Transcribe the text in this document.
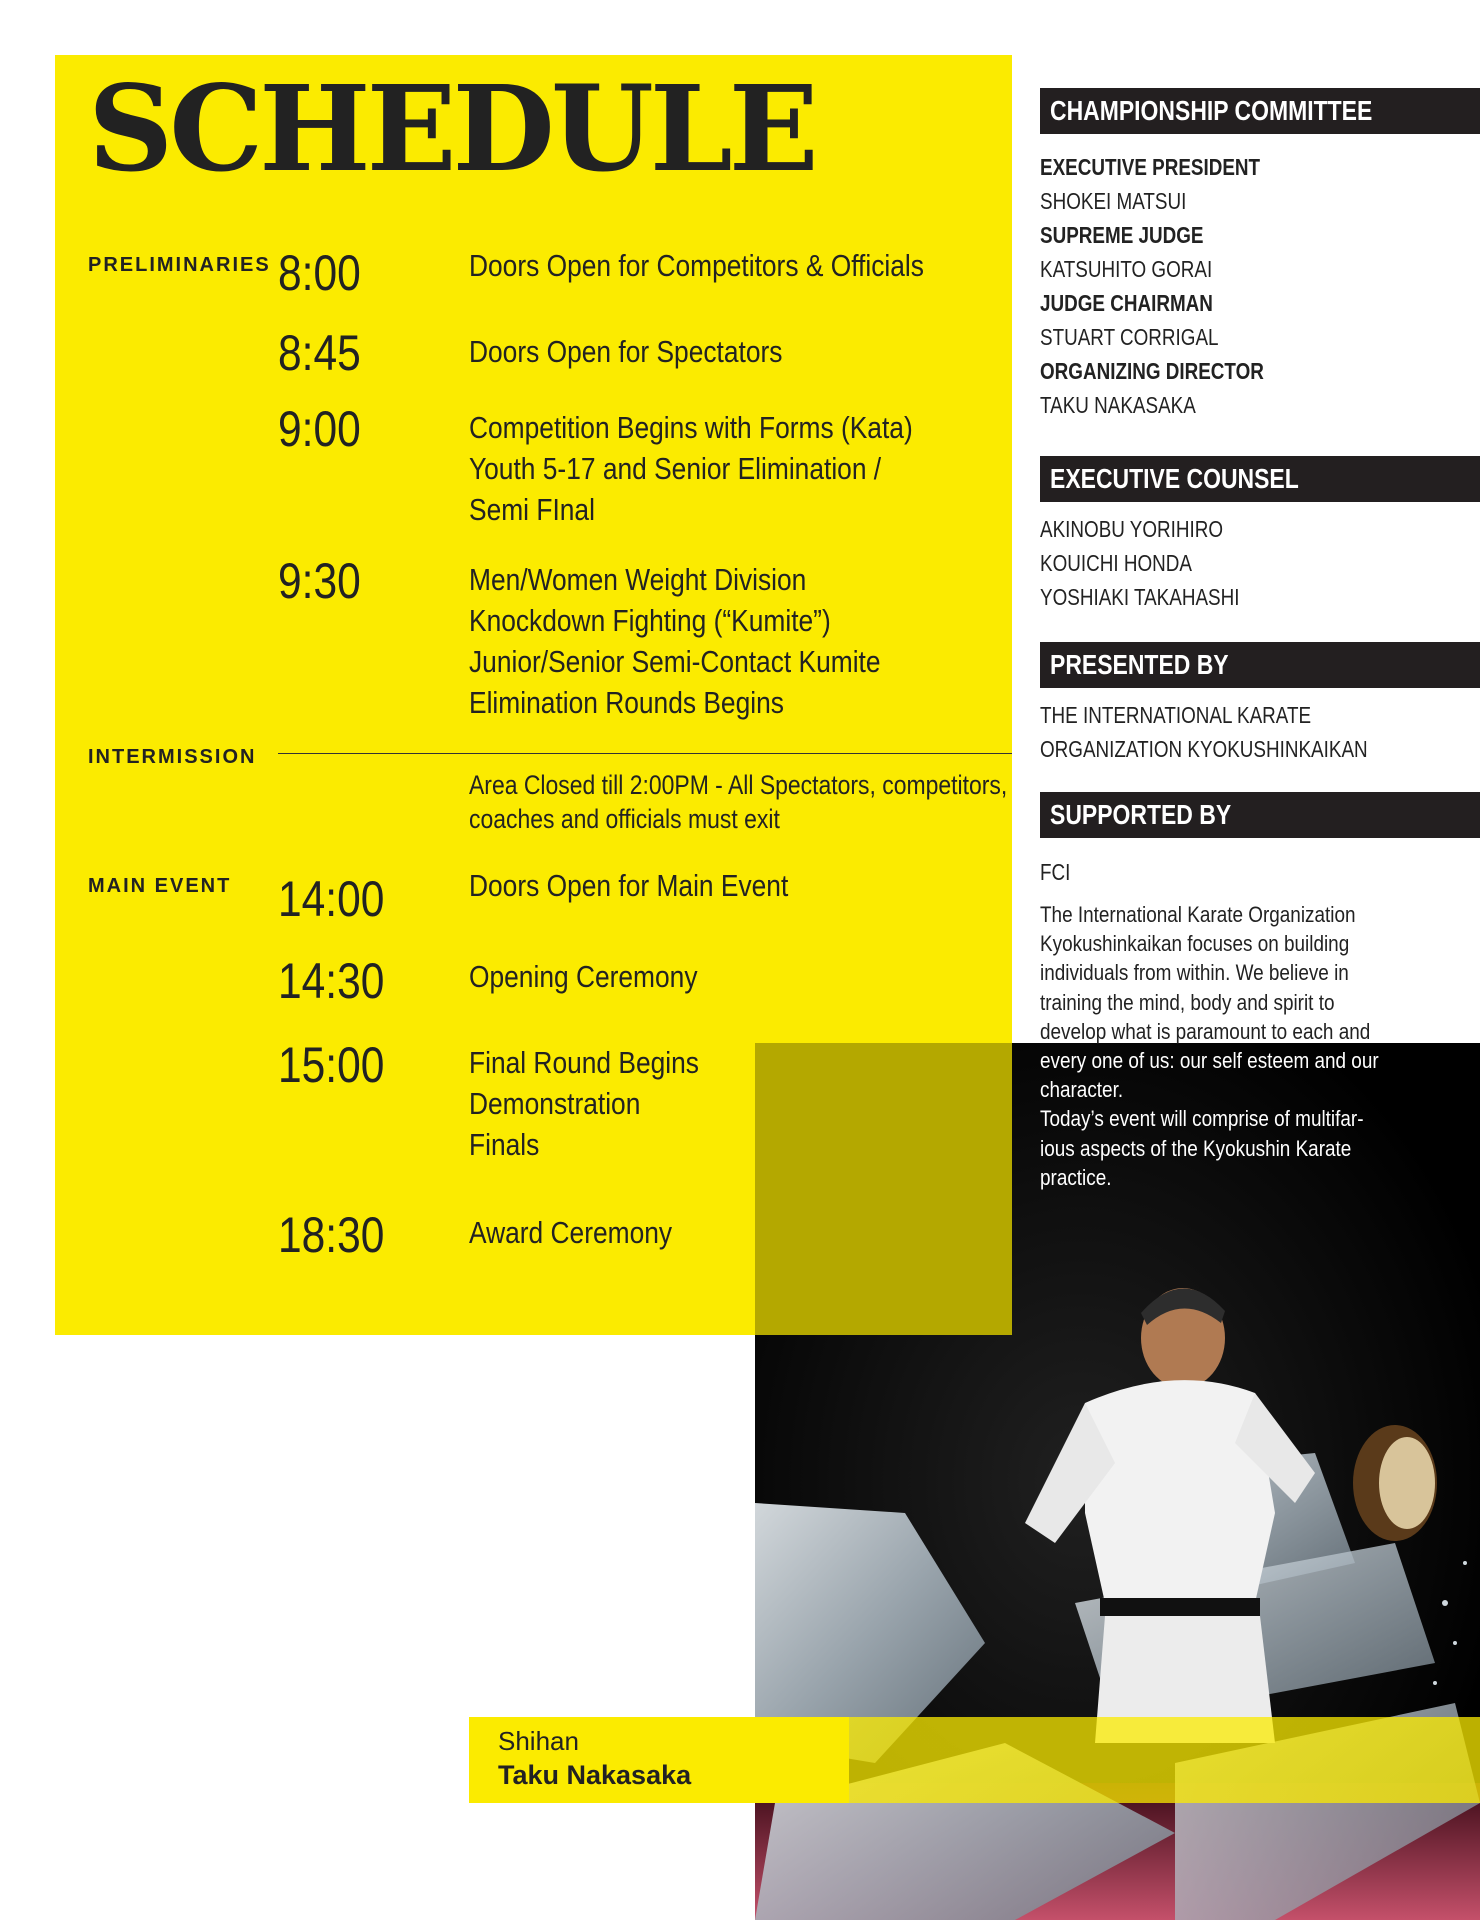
SCHEDULE
PRELIMINARIES
INTERMISSION
MAIN EVENT
8:00	Doors Open for Competitors & Officials
8:45	Doors Open for Spectators
9:00	Competition Begins with Forms (Kata)
Youth 5-17 and Senior Elimination /
Semi FInal
9:30	Men/Women Weight Division
Knockdown Fighting (“Kumite”)
Junior/Senior Semi-Contact Kumite
Elimination Rounds Begins
Area Closed till 2:00PM - All Spectators, competitors,
coaches and officials must exit
14:00	Doors Open for Main Event
14:30	Opening Ceremony
15:00	Final Round Begins
Demonstration
Finals
18:30	Award Ceremony
CHAMPIONSHIP COMMITTEE
EXECUTIVE PRESIDENT
SHOKEI MATSUI
SUPREME JUDGE
KATSUHITO GORAI
JUDGE CHAIRMAN
STUART CORRIGAL
ORGANIZING DIRECTOR
TAKU NAKASAKA
EXECUTIVE COUNSEL
AKINOBU YORIHIRO
KOUICHI HONDA
YOSHIAKI TAKAHASHI
PRESENTED BY
THE INTERNATIONAL KARATE
ORGANIZATION KYOKUSHINKAIKAN
SUPPORTED BY
FCI
The International Karate Organization
Kyokushinkaikan focuses on building
individuals from within. We believe in
training the mind, body and spirit to
develop what is paramount to each and
every one of us: our self esteem and our
character.
Today’s event will comprise of multifar-
ious aspects of the Kyokushin Karate
practice.
Shihan
Taku Nakasaka
